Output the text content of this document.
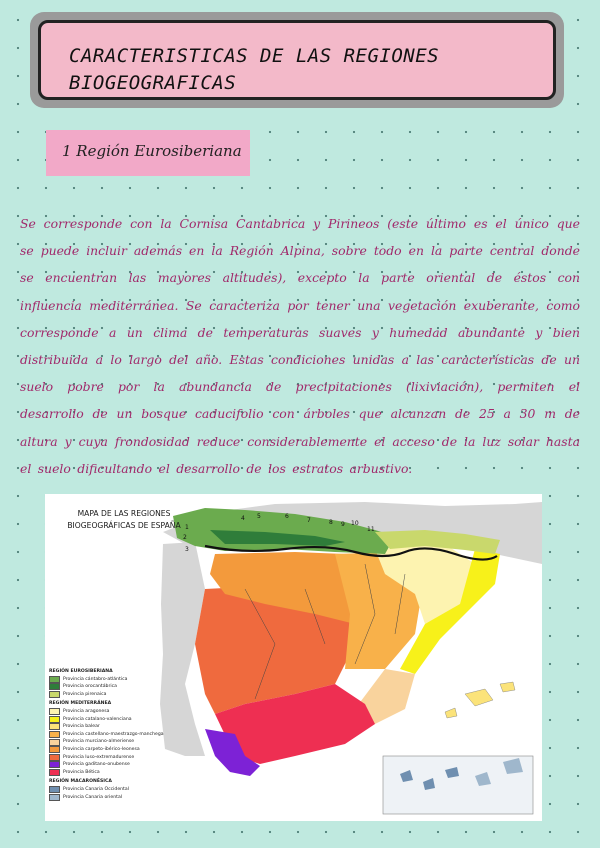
CARACTERISTICAS DE LAS REGIONES BIOGEOGRAFICAS
1 Región Eurosiberiana
Se corresponde con la Cornisa Cantabrica y Pirineos (este último es el único que se puede incluir además en la Región Alpina, sobre todo en la parte central donde se encuentran las mayores altitudes), excepto la parte oriental de éstos con influencia mediterránea. Se caracteriza por tener una vegetación exuberante, como corresponde a un clima de temperaturas suaves y humedad abundante y bien distribuida a lo largo del año. Estas condiciones unidas a las características de un suelo pobre por la abundancia de precipitaciones (lixiviación), permiten el desarrollo de un bosque caducifolio con árboles que alcanzan de 25 a 30 m de altura y cuya frondosidad reduce considerablemente el acceso de la luz solar hasta el suelo dificultando el desarrollo de los estratos arbustivo.
MAPA DE LAS REGIONES BIOGEOGRÁFICAS DE ESPAÑA 1
2
3
4 5	6
7	8 9 10
11
REGIÓN EUROSIBERIANA
Provincia cántabro-atlántica
Provincia orocantábrica
Provincia pirenaica
REGIÓN MEDITERRÁNEA
Provincia aragonesa
Provincia catalano-valenciana
Provincia balear
Provincia castellano-maestrazgo-manchega
Provincia murciano-almeriense
Provincia carpeto-ibérico-leonesa
Provincia luso-extremadurense
Provincia gaditano-onubense
Provincia Bética
REGIÓN MACARONÉSICA
Provincia Canaria Occidental
Provincia Canaria oriental
